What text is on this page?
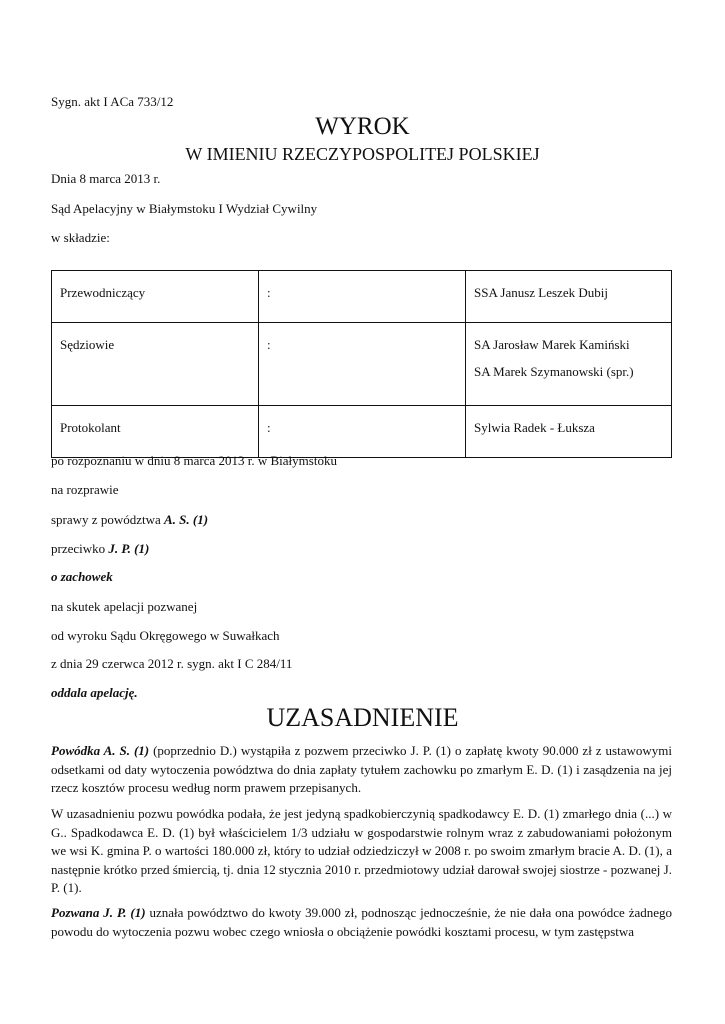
Sygn. akt I ACa 733/12
WYROK
W IMIENIU RZECZYPOSPOLITEJ POLSKIEJ
Dnia 8 marca 2013 r.
Sąd Apelacyjny w Białymstoku I Wydział Cywilny
w składzie:
Przewodniczący	:	SSA Janusz Leszek Dubij

Sędziowie	:	SA Jarosław Marek Kamiński
SA Marek Szymanowski (spr.)

Protokolant	:	Sylwia Radek - Łuksza
po rozpoznaniu w dniu 8 marca 2013 r. w Białymstoku
na rozprawie
sprawy z powództwa A. S. (1)
przeciwko J. P. (1)
o zachowek
na skutek apelacji pozwanej
od wyroku Sądu Okręgowego w Suwałkach
z dnia 29 czerwca 2012 r. sygn. akt I C 284/11
oddala apelację.
UZASADNIENIE
Powódka A. S. (1) (poprzednio D.) wystąpiła z pozwem przeciwko J. P. (1) o zapłatę kwoty 90.000 zł z ustawowymi odsetkami od daty wytoczenia powództwa do dnia zapłaty tytułem zachowku po zmarłym E. D. (1) i zasądzenia na jej rzecz kosztów procesu według norm prawem przepisanych.
W uzasadnieniu pozwu powódka podała, że jest jedyną spadkobierczynią spadkodawcy E. D. (1) zmarłego dnia (...) w G.. Spadkodawca E. D. (1) był właścicielem 1/3 udziału w gospodarstwie rolnym wraz z zabudowaniami położonym we wsi K. gmina P. o wartości 180.000 zł, który to udział odziedziczył w 2008 r. po swoim zmarłym bracie A. D. (1), a następnie krótko przed śmiercią, tj. dnia 12 stycznia 2010 r. przedmiotowy udział darował swojej siostrze - pozwanej J. P. (1).
Pozwana J. P. (1) uznała powództwo do kwoty 39.000 zł, podnosząc jednocześnie, że nie dała ona powódce żadnego powodu do wytoczenia pozwu wobec czego wniosła o obciążenie powódki kosztami procesu, w tym zastępstwa
